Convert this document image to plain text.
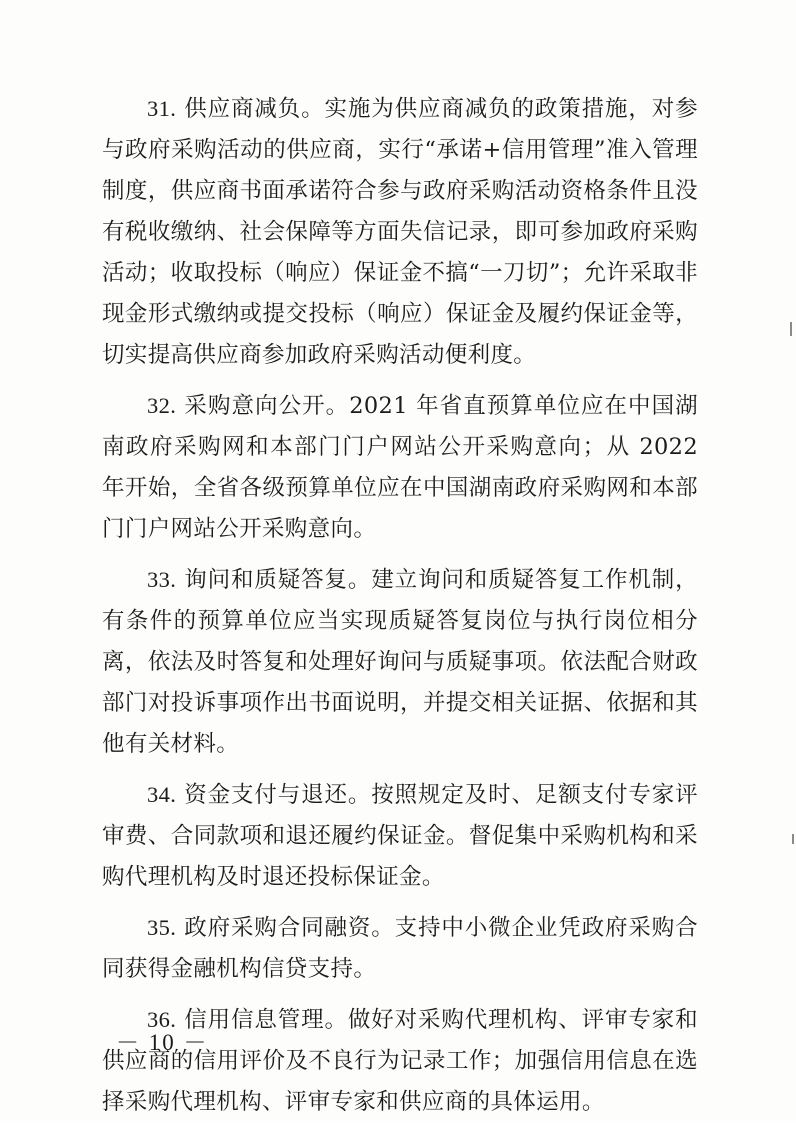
31. 供应商减负。实施为供应商减负的政策措施，对参与政府采购活动的供应商，实行“承诺+信用管理”准入管理制度，供应商书面承诺符合参与政府采购活动资格条件且没有税收缴纳、社会保障等方面失信记录，即可参加政府采购活动；收取投标（响应）保证金不搞“一刀切”；允许采取非现金形式缴纳或提交投标（响应）保证金及履约保证金等，切实提高供应商参加政府采购活动便利度。

32. 采购意向公开。2021 年省直预算单位应在中国湖南政府采购网和本部门门户网站公开采购意向；从 2022 年开始，全省各级预算单位应在中国湖南政府采购网和本部门门户网站公开采购意向。

33. 询问和质疑答复。建立询问和质疑答复工作机制，有条件的预算单位应当实现质疑答复岗位与执行岗位相分离，依法及时答复和处理好询问与质疑事项。依法配合财政部门对投诉事项作出书面说明，并提交相关证据、依据和其他有关材料。

34. 资金支付与退还。按照规定及时、足额支付专家评审费、合同款项和退还履约保证金。督促集中采购机构和采购代理机构及时退还投标保证金。

35. 政府采购合同融资。支持中小微企业凭政府采购合同获得金融机构信贷支持。

36. 信用信息管理。做好对采购代理机构、评审专家和供应商的信用评价及不良行为记录工作；加强信用信息在选择采购代理机构、评审专家和供应商的具体运用。

－ 10 －
